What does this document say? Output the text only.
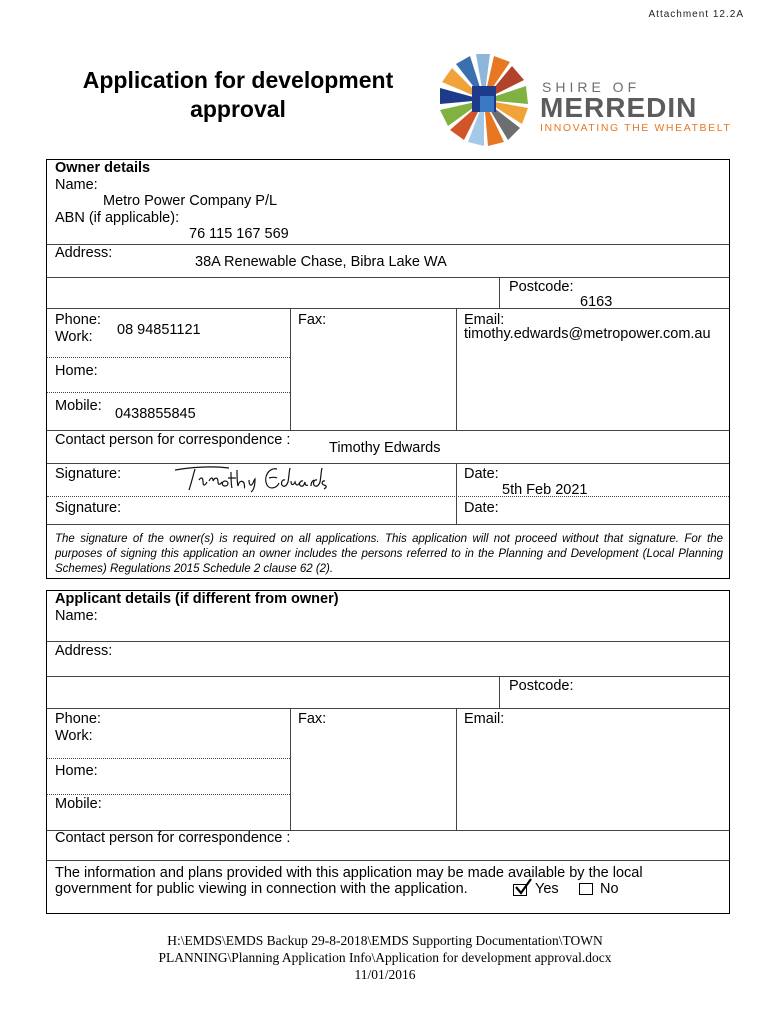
Attachment 12.2A
Application for development
approval
SHIRE OF
MERREDIN
INNOVATING THE WHEATBELT
Owner details
Name:
Metro Power Company P/L
ABN (if applicable):
76 115 167 569
Address:
38A Renewable Chase, Bibra Lake WA
Postcode:
6163
Phone:
Work: 08 94851121
Fax:	Email:
timothy.edwards@metropower.com.au
Home:
Mobile: 0438855845
Contact person for correspondence :	Timothy Edwards
Signature:	Date:
5th Feb 2021
Signature:	Date:
The signature of the owner(s) is required on all applications. This application will not proceed without that signature. For the purposes of signing this application an owner includes the persons referred to in the Planning and Development (Local Planning Schemes) Regulations 2015 Schedule 2 clause 62 (2).
Applicant details (if different from owner)
Name:
Address:
Postcode:
Phone:
Work:
Fax:	Email:
Home:
Mobile:
Contact person for correspondence :
The information and plans provided with this application may be made available by the local
government for public viewing in connection with the application.	Yes	No
H:\EMDS\EMDS Backup 29-8-2018\EMDS Supporting Documentation\TOWN
PLANNING\Planning Application Info\Application for development approval.docx
11/01/2016
